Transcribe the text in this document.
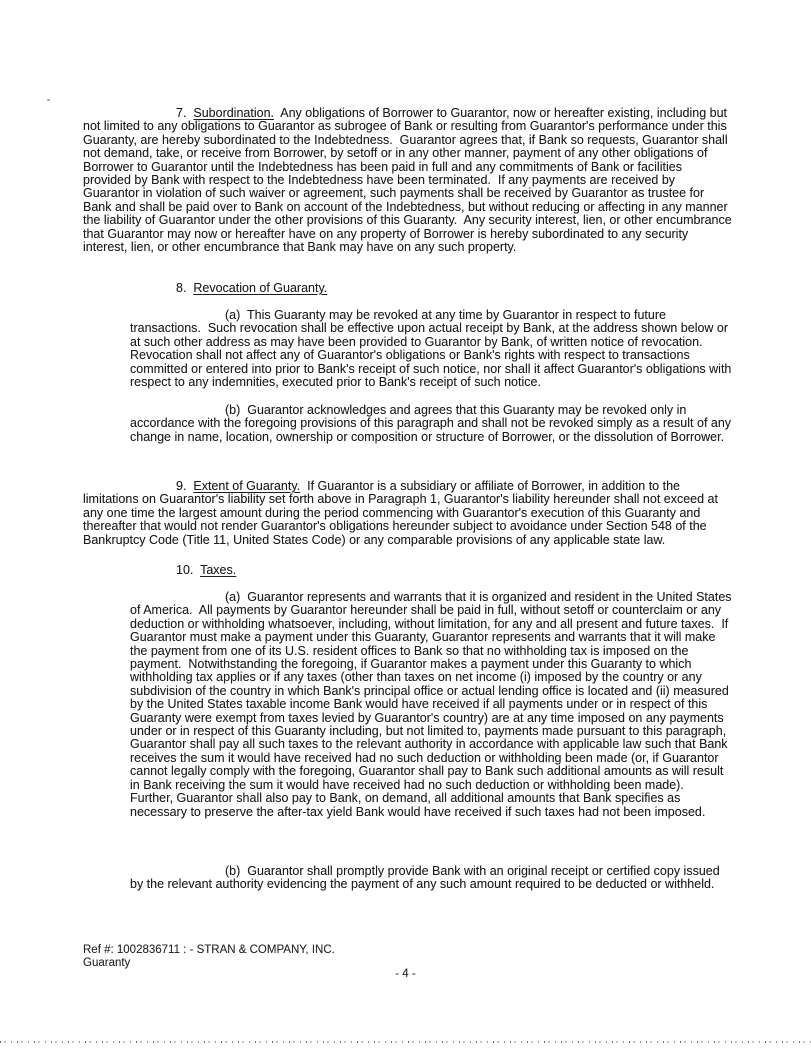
7.  Subordination.  Any obligations of Borrower to Guarantor, now or hereafter existing, including but not limited to any obligations to Guarantor as subrogee of Bank or resulting from Guarantor's performance under this Guaranty, are hereby subordinated to the Indebtedness.  Guarantor agrees that, if Bank so requests, Guarantor shall not demand, take, or receive from Borrower, by setoff or in any other manner, payment of any other obligations of Borrower to Guarantor until the Indebtedness has been paid in full and any commitments of Bank or facilities provided by Bank with respect to the Indebtedness have been terminated.  If any payments are received by Guarantor in violation of such waiver or agreement, such payments shall be received by Guarantor as trustee for Bank and shall be paid over to Bank on account of the Indebtedness, but without reducing or affecting in any manner the liability of Guarantor under the other provisions of this Guaranty.  Any security interest, lien, or other encumbrance that Guarantor may now or hereafter have on any property of Borrower is hereby subordinated to any security interest, lien, or other encumbrance that Bank may have on any such property.

8.  Revocation of Guaranty.

(a)  This Guaranty may be revoked at any time by Guarantor in respect to future transactions.  Such revocation shall be effective upon actual receipt by Bank, at the address shown below or at such other address as may have been provided to Guarantor by Bank, of written notice of revocation.  Revocation shall not affect any of Guarantor's obligations or Bank's rights with respect to transactions committed or entered into prior to Bank's receipt of such notice, nor shall it affect Guarantor's obligations with respect to any indemnities, executed prior to Bank's receipt of such notice.

(b)  Guarantor acknowledges and agrees that this Guaranty may be revoked only in accordance with the foregoing provisions of this paragraph and shall not be revoked simply as a result of any change in name, location, ownership or composition or structure of Borrower, or the dissolution of Borrower.

9.  Extent of Guaranty.  If Guarantor is a subsidiary or affiliate of Borrower, in addition to the limitations on Guarantor's liability set forth above in Paragraph 1, Guarantor's liability hereunder shall not exceed at any one time the largest amount during the period commencing with Guarantor's execution of this Guaranty and thereafter that would not render Guarantor's obligations hereunder subject to avoidance under Section 548 of the Bankruptcy Code (Title 11, United States Code) or any comparable provisions of any applicable state law.

10.  Taxes.

(a)  Guarantor represents and warrants that it is organized and resident in the United States of America.  All payments by Guarantor hereunder shall be paid in full, without setoff or counterclaim or any deduction or withholding whatsoever, including, without limitation, for any and all present and future taxes.  If Guarantor must make a payment under this Guaranty, Guarantor represents and warrants that it will make the payment from one of its U.S. resident offices to Bank so that no withholding tax is imposed on the payment.  Notwithstanding the foregoing, if Guarantor makes a payment under this Guaranty to which withholding tax applies or if any taxes (other than taxes on net income (i) imposed by the country or any subdivision of the country in which Bank's principal office or actual lending office is located and (ii) measured by the United States taxable income Bank would have received if all payments under or in respect of this Guaranty were exempt from taxes levied by Guarantor's country) are at any time imposed on any payments under or in respect of this Guaranty including, but not limited to, payments made pursuant to this paragraph, Guarantor shall pay all such taxes to the relevant authority in accordance with applicable law such that Bank receives the sum it would have received had no such deduction or withholding been made (or, if Guarantor cannot legally comply with the foregoing, Guarantor shall pay to Bank such additional amounts as will result in Bank receiving the sum it would have received had no such deduction or withholding been made).  Further, Guarantor shall also pay to Bank, on demand, all additional amounts that Bank specifies as necessary to preserve the after-tax yield Bank would have received if such taxes had not been imposed.

(b)  Guarantor shall promptly provide Bank with an original receipt or certified copy issued by the relevant authority evidencing the payment of any such amount required to be deducted or withheld.

Ref #: 1002836711 : - STRAN & COMPANY, INC.
Guaranty
- 4 -
